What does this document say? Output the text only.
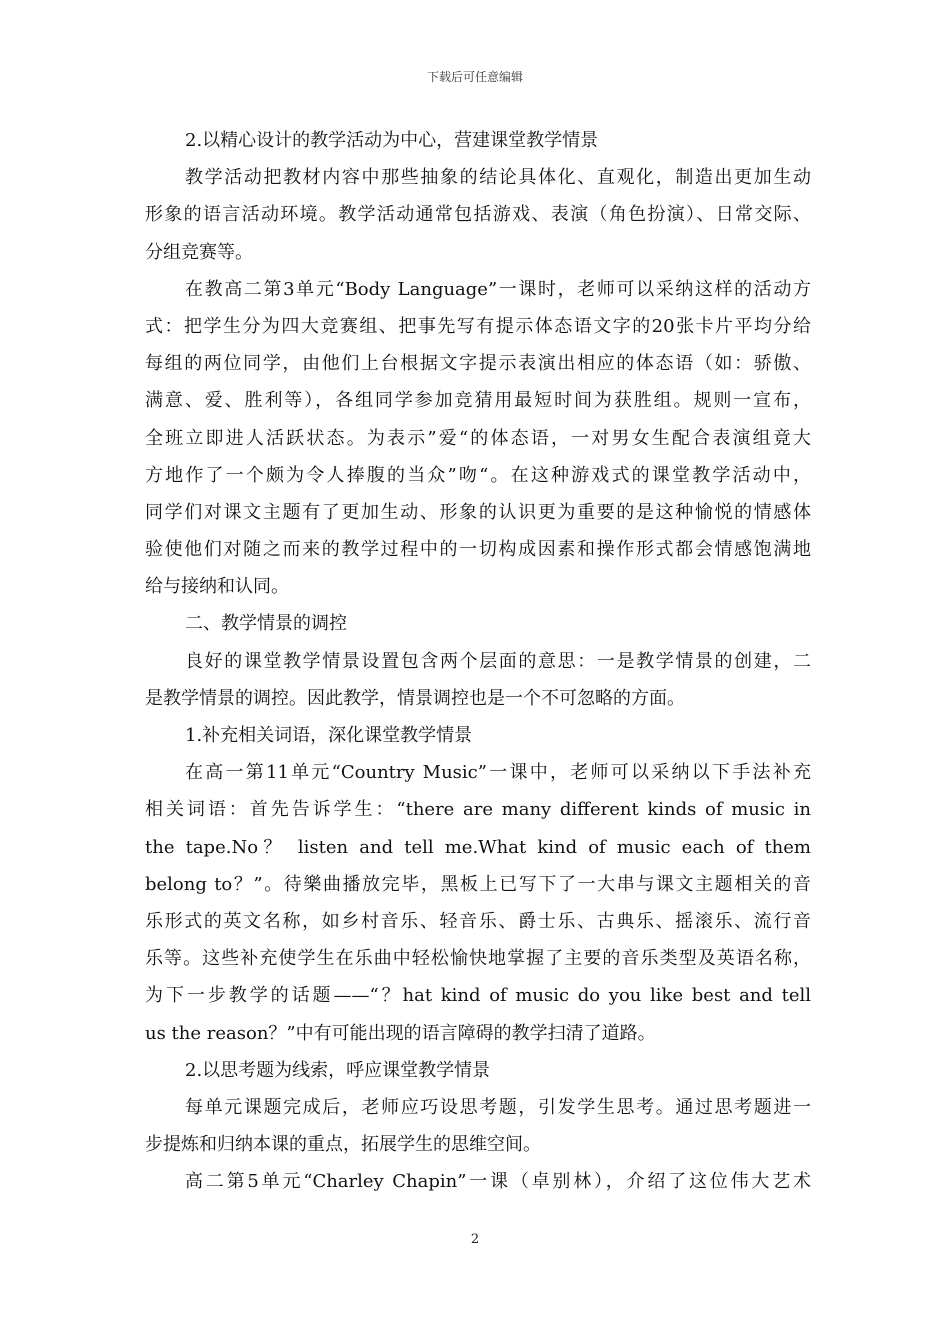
下载后可任意编辑
2.以精心设计的教学活动为中心，营建课堂教学情景
教学活动把教材内容中那些抽象的结论具体化、直观化，制造出更加生动
形象的语言活动环境。教学活动通常包括游戏、表演（角色扮演）、日常交际、
分组竞赛等。
在教高二第3单元“Body Language”一课时，老师可以采纳这样的活动方
式：把学生分为四大竞赛组、把事先写有提示体态语文字的20张卡片平均分给
每组的两位同学，由他们上台根据文字提示表演出相应的体态语（如：骄傲、
满意、爱、胜利等），各组同学参加竞猜用最短时间为获胜组。规则一宣布，
全班立即进人活跃状态。为表示”爱“的体态语，一对男女生配合表演组竟大
方地作了一个颇为令人捧腹的当众”吻“。在这种游戏式的课堂教学活动中，
同学们对课文主题有了更加生动、形象的认识更为重要的是这种愉悦的情感体
验使他们对随之而来的教学过程中的一切构成因素和操作形式都会情感饱满地
给与接纳和认同。
二、教学情景的调控
良好的课堂教学情景设置包含两个层面的意思：一是教学情景的创建，二
是教学情景的调控。因此教学，情景调控也是一个不可忽略的方面。
1.补充相关词语，深化课堂教学情景
在高一第11单元“Country Music”一课中，老师可以采纳以下手法补充
相关词语：首先告诉学生：“there are many different kinds of music in
the tape.No？ listen and tell me.What kind of music each of them
belong to？”。待樂曲播放完毕，黑板上已写下了一大串与课文主题相关的音
乐形式的英文名称，如乡村音乐、轻音乐、爵士乐、古典乐、摇滚乐、流行音
乐等。这些补充使学生在乐曲中轻松愉快地掌握了主要的音乐类型及英语名称，
为下一步教学的话题——“？hat kind of music do you like best and tell
us the reason？”中有可能出现的语言障碍的教学扫清了道路。
2.以思考题为线索，呼应课堂教学情景
每单元课题完成后，老师应巧设思考题，引发学生思考。通过思考题进一
步提炼和归纳本课的重点，拓展学生的思维空间。
高二第5单元“Charley Chapin”一课（卓别林），介绍了这位伟大艺术
2
